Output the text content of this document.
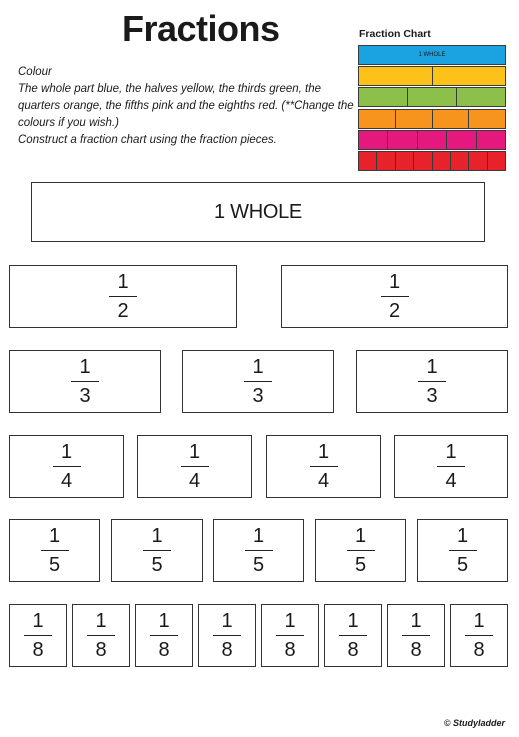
Fractions

Colour

The whole part blue, the halves yellow, the thirds green, the quarters orange, the fifths pink and the eighths red. (**Change the colours if you wish.)

Construct a fraction chart using the fraction pieces.

Fraction Chart
1 WHOLE
1 WHOLE
$\frac{1}{2}$	$\frac{1}{2}$
$\frac{1}{3}$	$\frac{1}{3}$	$\frac{1}{3}$
$\frac{1}{4}$	$\frac{1}{4}$	$\frac{1}{4}$	$\frac{1}{4}$
$\frac{1}{5}$	$\frac{1}{5}$	$\frac{1}{5}$	$\frac{1}{5}$	$\frac{1}{5}$
$\frac{1}{8} \frac{1}{8} \frac{1}{8} \frac{1}{8} \frac{1}{8} \frac{1}{8} \frac{1}{8} \frac{1}{8}$
© Studyladder
